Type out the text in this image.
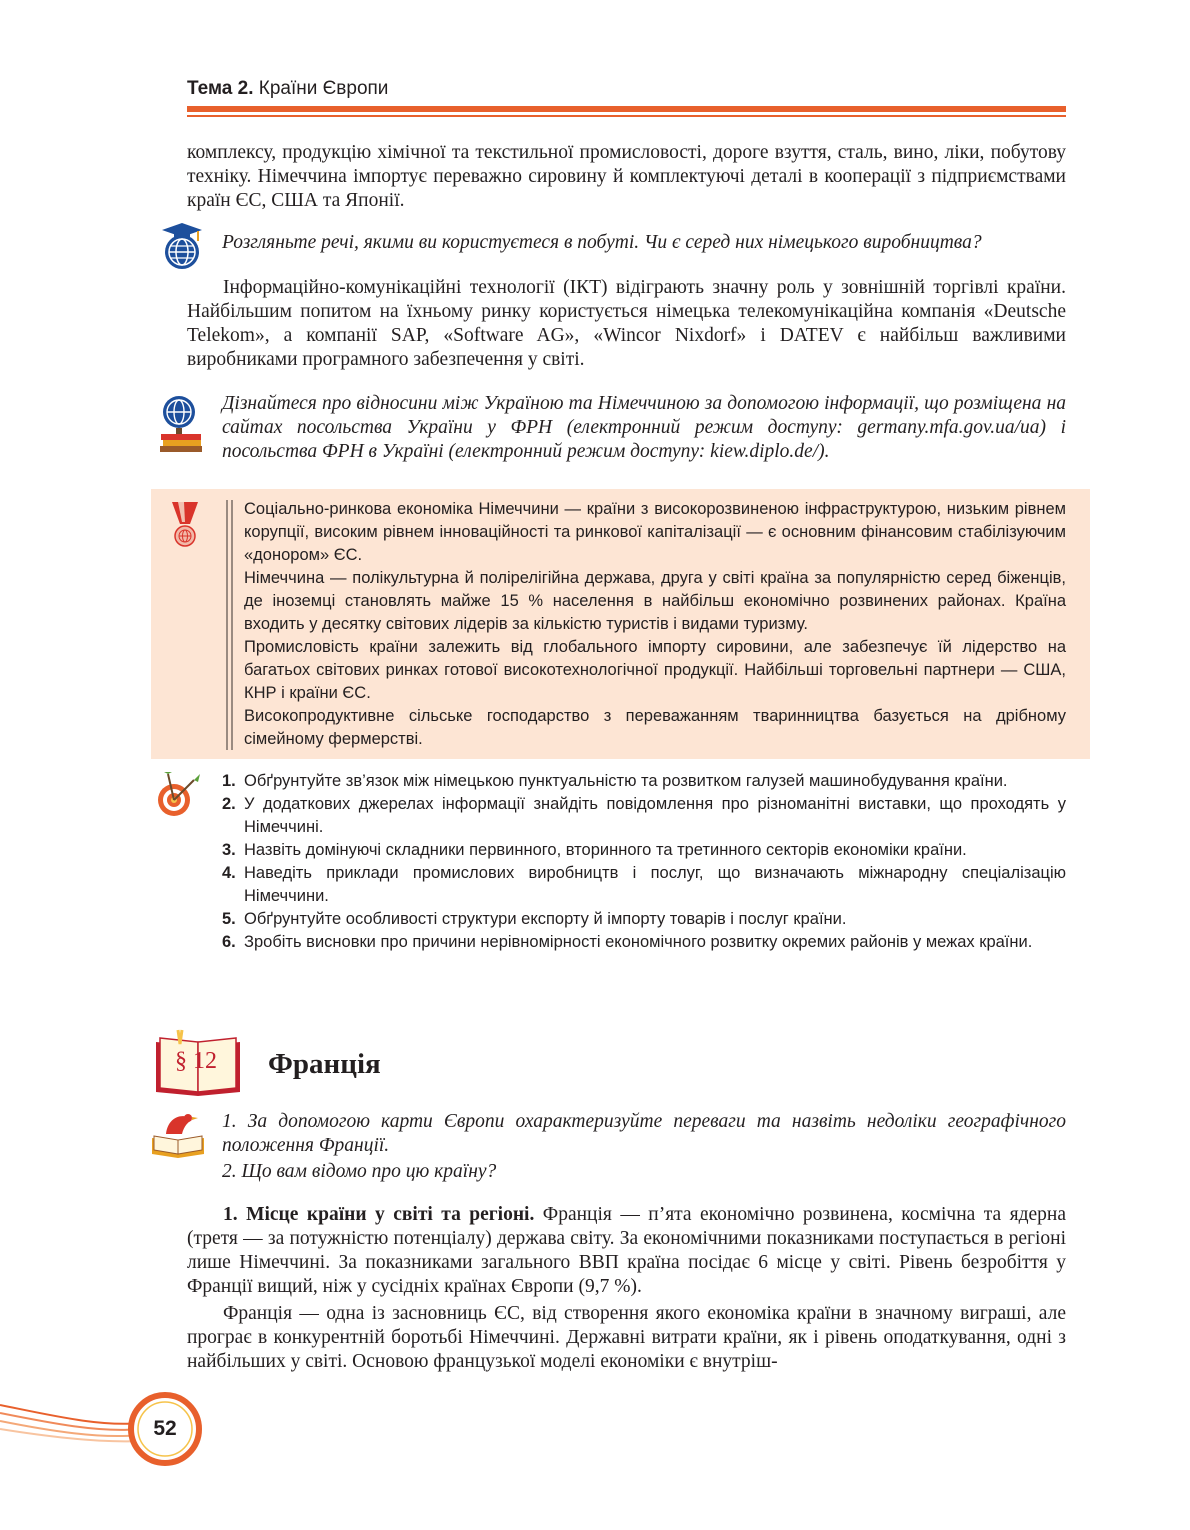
Тема 2. Країни Європи

комплексу, продукцію хімічної та текстильної промисловості, дороге взуття, сталь, вино, ліки, побутову техніку. Німеччина імпортує переважно сировину й комплектуючі деталі в кооперації з підприємствами країн ЄС, США та Японії.

Розгляньте речі, якими ви користуєтеся в побуті. Чи є серед них німецького виробництва?

Інформаційно-комунікаційні технології (ІКТ) відіграють значну роль у зовнішній торгівлі країни. Найбільшим попитом на їхньому ринку користується німецька телекомунікаційна компанія «Deutsche Telekom», а компанії SAP, «Software AG», «Wincor Nixdorf» і DATEV є найбільш важливими виробниками програмного забезпечення у світі.

Дізнайтеся про відносини між Україною та Німеччиною за допомогою інформації, що розміщена на сайтах посольства України у ФРН (електронний режим доступу: germany.mfa.gov.ua/ua) і посольства ФРН в Україні (електронний режим доступу: kiew.diplo.de/).

Соціально-ринкова економіка Німеччини — країни з високорозвиненою інфраструктурою, низьким рівнем корупції, високим рівнем інноваційності та ринкової капіталізації — є основним фінансовим стабілізуючим «донором» ЄС.

Німеччина — полікультурна й полірелігійна держава, друга у світі країна за популярністю серед біженців, де іноземці становлять майже 15 % населення в найбільш економічно розвинених районах. Країна входить у десятку світових лідерів за кількістю туристів і видами туризму.

Промисловість країни залежить від глобального імпорту сировини, але забезпечує їй лідерство на багатьох світових ринках готової високотехнологічної продукції. Найбільші торговельні партнери — США, КНР і країни ЄС.

Високопродуктивне сільське господарство з переважанням тваринництва базується на дрібному сімейному фермерстві.

1. Обґрунтуйте зв’язок між німецькою пунктуальністю та розвитком галузей машинобудування країни.
2. У додаткових джерелах інформації знайдіть повідомлення про різноманітні виставки, що проходять у Німеччині.
3. Назвіть домінуючі складники первинного, вторинного та третинного секторів економіки країни.
4. Наведіть приклади промислових виробництв і послуг, що визначають міжнародну спеціалізацію Німеччини.
5. Обґрунтуйте особливості структури експорту й імпорту товарів і послуг країни.
6. Зробіть висновки про причини нерівномірності економічного розвитку окремих районів у межах країни.
§ 12	Франція

1. За допомогою карти Європи охарактеризуйте переваги та назвіть недоліки географічного положення Франції.

2. Що вам відомо про цю країну?

1. Місце країни у світі та регіоні. Франція — п’ята економічно розвинена, космічна та ядерна (третя — за потужністю потенціалу) держава світу. За економічними показниками поступається в регіоні лише Німеччині. За показниками загального ВВП країна посідає 6 місце у світі. Рівень безробіття у Франції вищий, ніж у сусідніх країнах Європи (9,7 %).

Франція — одна із засновниць ЄС, від створення якого економіка країни в значному виграші, але програє в конкурентній боротьбі Німеччині. Державні витрати країни, як і рівень оподаткування, одні з найбільших у світі. Основою французької моделі економіки є внутріш-

52
